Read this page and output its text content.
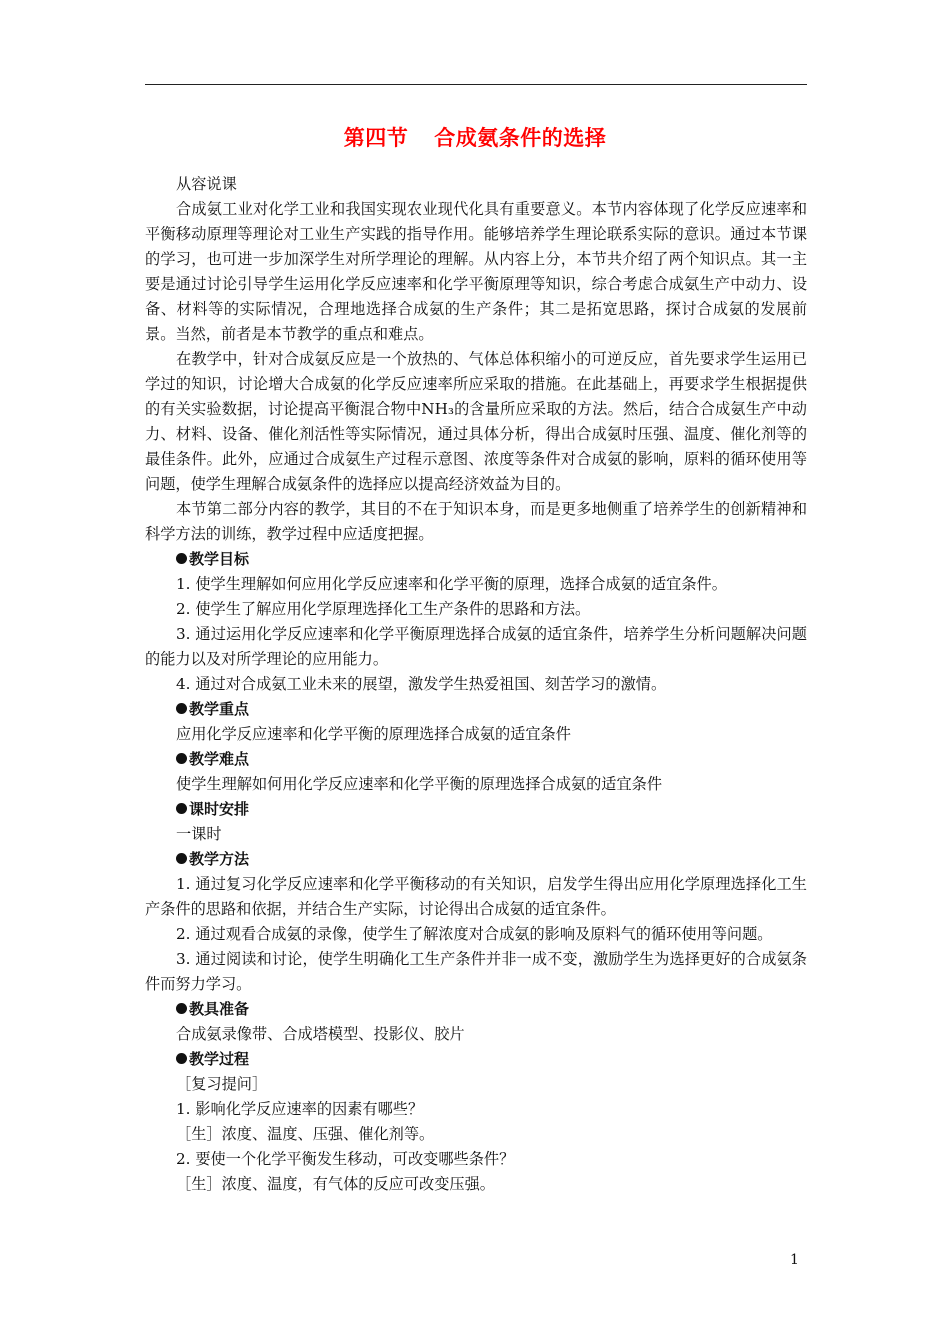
第四节 合成氨条件的选择

从容说课

合成氨工业对化学工业和我国实现农业现代化具有重要意义。本节内容体现了化学反应速率和平衡移动原理等理论对工业生产实践的指导作用。能够培养学生理论联系实际的意识。通过本节课的学习，也可进一步加深学生对所学理论的理解。从内容上分，本节共介绍了两个知识点。其一主要是通过讨论引导学生运用化学反应速率和化学平衡原理等知识，综合考虑合成氨生产中动力、设备、材料等的实际情况，合理地选择合成氨的生产条件；其二是拓宽思路，探讨合成氨的发展前景。当然，前者是本节教学的重点和难点。

在教学中，针对合成氨反应是一个放热的、气体总体积缩小的可逆反应，首先要求学生运用已学过的知识，讨论增大合成氨的化学反应速率所应采取的措施。在此基础上，再要求学生根据提供的有关实验数据，讨论提高平衡混合物中NH₃的含量所应采取的方法。然后，结合合成氨生产中动力、材料、设备、催化剂活性等实际情况，通过具体分析，得出合成氨时压强、温度、催化剂等的最佳条件。此外，应通过合成氨生产过程示意图、浓度等条件对合成氨的影响，原料的循环使用等问题，使学生理解合成氨条件的选择应以提高经济效益为目的。

本节第二部分内容的教学，其目的不在于知识本身，而是更多地侧重了培养学生的创新精神和科学方法的训练，教学过程中应适度把握。

教学目标

1. 使学生理解如何应用化学反应速率和化学平衡的原理，选择合成氨的适宜条件。

2. 使学生了解应用化学原理选择化工生产条件的思路和方法。

3. 通过运用化学反应速率和化学平衡原理选择合成氨的适宜条件，培养学生分析问题解决问题的能力以及对所学理论的应用能力。

4. 通过对合成氨工业未来的展望，激发学生热爱祖国、刻苦学习的激情。

教学重点

应用化学反应速率和化学平衡的原理选择合成氨的适宜条件

教学难点

使学生理解如何用化学反应速率和化学平衡的原理选择合成氨的适宜条件

课时安排

一课时

教学方法

1. 通过复习化学反应速率和化学平衡移动的有关知识，启发学生得出应用化学原理选择化工生产条件的思路和依据，并结合生产实际，讨论得出合成氨的适宜条件。

2. 通过观看合成氨的录像，使学生了解浓度对合成氨的影响及原料气的循环使用等问题。

3. 通过阅读和讨论，使学生明确化工生产条件并非一成不变，激励学生为选择更好的合成氨条件而努力学习。

教具准备

合成氨录像带、合成塔模型、投影仪、胶片

教学过程

［复习提问］

1. 影响化学反应速率的因素有哪些？

［生］浓度、温度、压强、催化剂等。

2. 要使一个化学平衡发生移动，可改变哪些条件？

［生］浓度、温度，有气体的反应可改变压强。

1
